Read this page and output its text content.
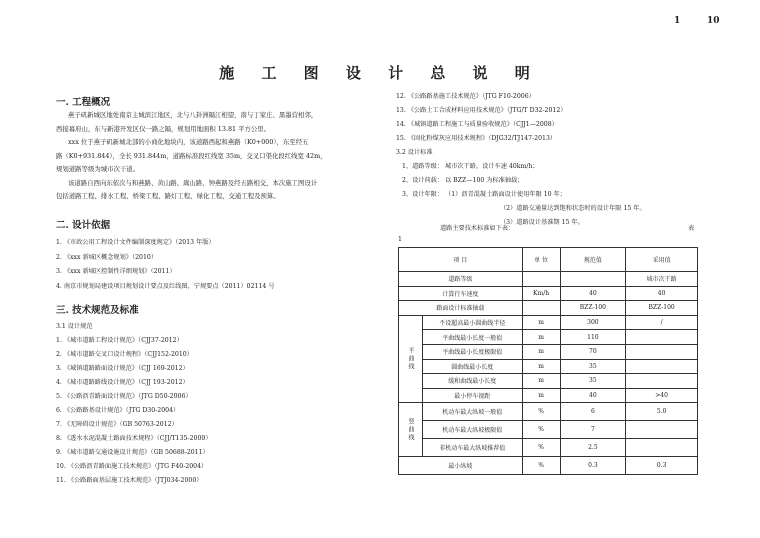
1	10
施 工 图 设 计 总 说 明
一. 工程概况
燕子矶新城区地处南京主城滨江地区，北与八卦洲隔江相望，南与丁家庄、黑墨营相邻，
西接幕府山，东与新港开发区仅一路之隔，规划用地面积 13.81 平方公里。
xxx 位于燕子矶新城北部的小商化地块内，该道路西起和燕路（K0+000），东至经五
路（K0+931.844），全长 931.844m，道路标准段红线宽 35m，交叉口渠化段红线宽 42m，
规划道路等级为城市次干道。
该道路自西向东依次与和燕路、黄山路、嵩山路、钟燕路及经五路相交，本次施工图设计
包括道路工程、排水工程、桥梁工程、路灯工程、绿化工程、交通工程及预算。
二. 设计依据
1. 《市政公用工程设计文件编制深度规定》（2013 年版）
2. 《xxx 新城区概念规划》（2010）
3. 《xxx 新城区控制性详细规划》（2011）
4. 南京市规划局建设项目规划设计要点及红线图，宁规要点（2011）02114 号
三. 技术规范及标准
3.1 设计规范
1. 《城市道路工程设计规范》（CJJ37-2012）
2. 《城市道路交叉口设计规程》（CJJ152-2010）
3. 《城镇道路路面设计规范》（CJJ 169-2012）
4. 《城市道路路线设计规范》（CJJ 193-2012）
5. 《公路沥青路面设计规范》（JTG D50-2006）
6. 《公路路基设计规范》（JTG D30-2004）
7. 《无障碍设计规范》（GB 50763-2012）
8. 《透水水泥混凝土路面技术规程》（CJJ/T135-2009）
9. 《城市道路交通设施设计规范》（GB 50688-2011）
10. 《公路沥青路面施工技术规范》（JTG F40-2004）
11. 《公路路面基层施工技术规范》（JTJ034-2000）
12. 《公路路基施工技术规范》（JTG F10-2006）
13. 《公路土工合成材料应用技术规范》（JTG/T D32-2012）
14. 《城镇道路工程施工与质量验收规范》（CJJ1—2008）
15. 《固化粉煤灰应用技术规程》（DJG32/TJ147-2013）
3.2 设计标准
1、道路等级： 城市次干路，设计车速 40km/h；
2、设计荷载： 以 BZZ—100 为标准轴载；
3、设计年限： （1）沥青混凝土路面设计使用年限 10 年；
（2）道路交通量达到饱和状态时的设计年限 15 年。
（3）道路设计基准期 15 年。
道路主要技术标准如下表：	表
1
项 目		单 位	规范值	采用值
道路等级				城市次干路
计算行车速度		Km/h	40	40
路面设计标准轴载			BZZ-100	BZZ-100
平曲线	不设超高最小圆曲线半径	m	300	/
	平曲线最小长度一般值	m	110	
	平曲线最小长度极限值	m	70	
	圆曲线最小长度	m	35	
	缓和曲线最小长度	m	35	
	最小停车视距	m	40	>40
竖曲线	机动车最大纵坡一般值	%	6	5.0
	机动车最大纵坡极限值	%	7	
	非机动车最大纵坡推荐值	%	2.5	
最小纵坡		%	0.3	0.3
